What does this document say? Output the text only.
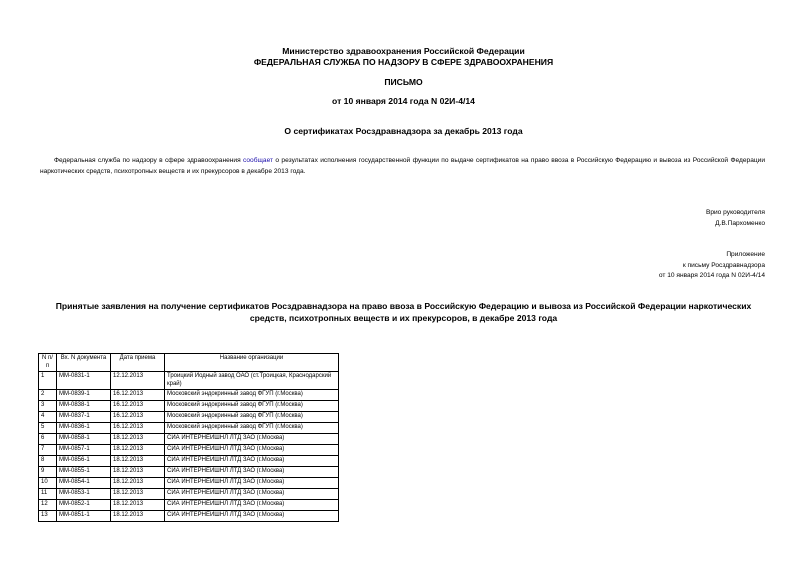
Министерство здравоохранения Российской Федерации
ФЕДЕРАЛЬНАЯ СЛУЖБА ПО НАДЗОРУ В СФЕРЕ ЗДРАВООХРАНЕНИЯ
ПИСЬМО
от 10 января 2014 года N 02И-4/14
О сертификатах Росздравнадзора за декабрь 2013 года
Федеральная служба по надзору в сфере здравоохранения сообщает о результатах исполнения государственной функции по выдаче сертификатов на право ввоза в Российскую Федерацию и вывоза из Российской Федерации наркотических средств, психотропных веществ и их прекурсоров в декабре 2013 года.
Врио руководителя
Д.В.Пархоменко
Приложение
к письму Росздравнадзора
от 10 января 2014 года N 02И-4/14
Принятые заявления на получение сертификатов Росздравнадзора на право ввоза в Российскую Федерацию и вывоза из Российской Федерации наркотических средств, психотропных веществ и их прекурсоров, в декабре 2013 года
N п/п	Вх. N документа	Дата приема	Название организации
1	ММ-0831-1	12.12.2013	Троицкий Йодный завод ОАО (ст.Троицкая, Краснодарский край)
2	ММ-0839-1	16.12.2013	Московский эндокринный завод ФГУП (г.Москва)
3	ММ-0838-1	16.12.2013	Московский эндокринный завод ФГУП (г.Москва)
4	ММ-0837-1	16.12.2013	Московский эндокринный завод ФГУП (г.Москва)
5	ММ-0836-1	16.12.2013	Московский эндокринный завод ФГУП (г.Москва)
6	ММ-0858-1	18.12.2013	СИА ИНТЕРНЕЙШНЛ ЛТД ЗАО (г.Москва)
7	ММ-0857-1	18.12.2013	СИА ИНТЕРНЕЙШНЛ ЛТД ЗАО (г.Москва)
8	ММ-0856-1	18.12.2013	СИА ИНТЕРНЕЙШНЛ ЛТД ЗАО (г.Москва)
9	ММ-0855-1	18.12.2013	СИА ИНТЕРНЕЙШНЛ ЛТД ЗАО (г.Москва)
10	ММ-0854-1	18.12.2013	СИА ИНТЕРНЕЙШНЛ ЛТД ЗАО (г.Москва)
11	ММ-0853-1	18.12.2013	СИА ИНТЕРНЕЙШНЛ ЛТД ЗАО (г.Москва)
12	ММ-0852-1	18.12.2013	СИА ИНТЕРНЕЙШНЛ ЛТД ЗАО (г.Москва)
13	ММ-0851-1	18.12.2013	СИА ИНТЕРНЕЙШНЛ ЛТД ЗАО (г.Москва)
